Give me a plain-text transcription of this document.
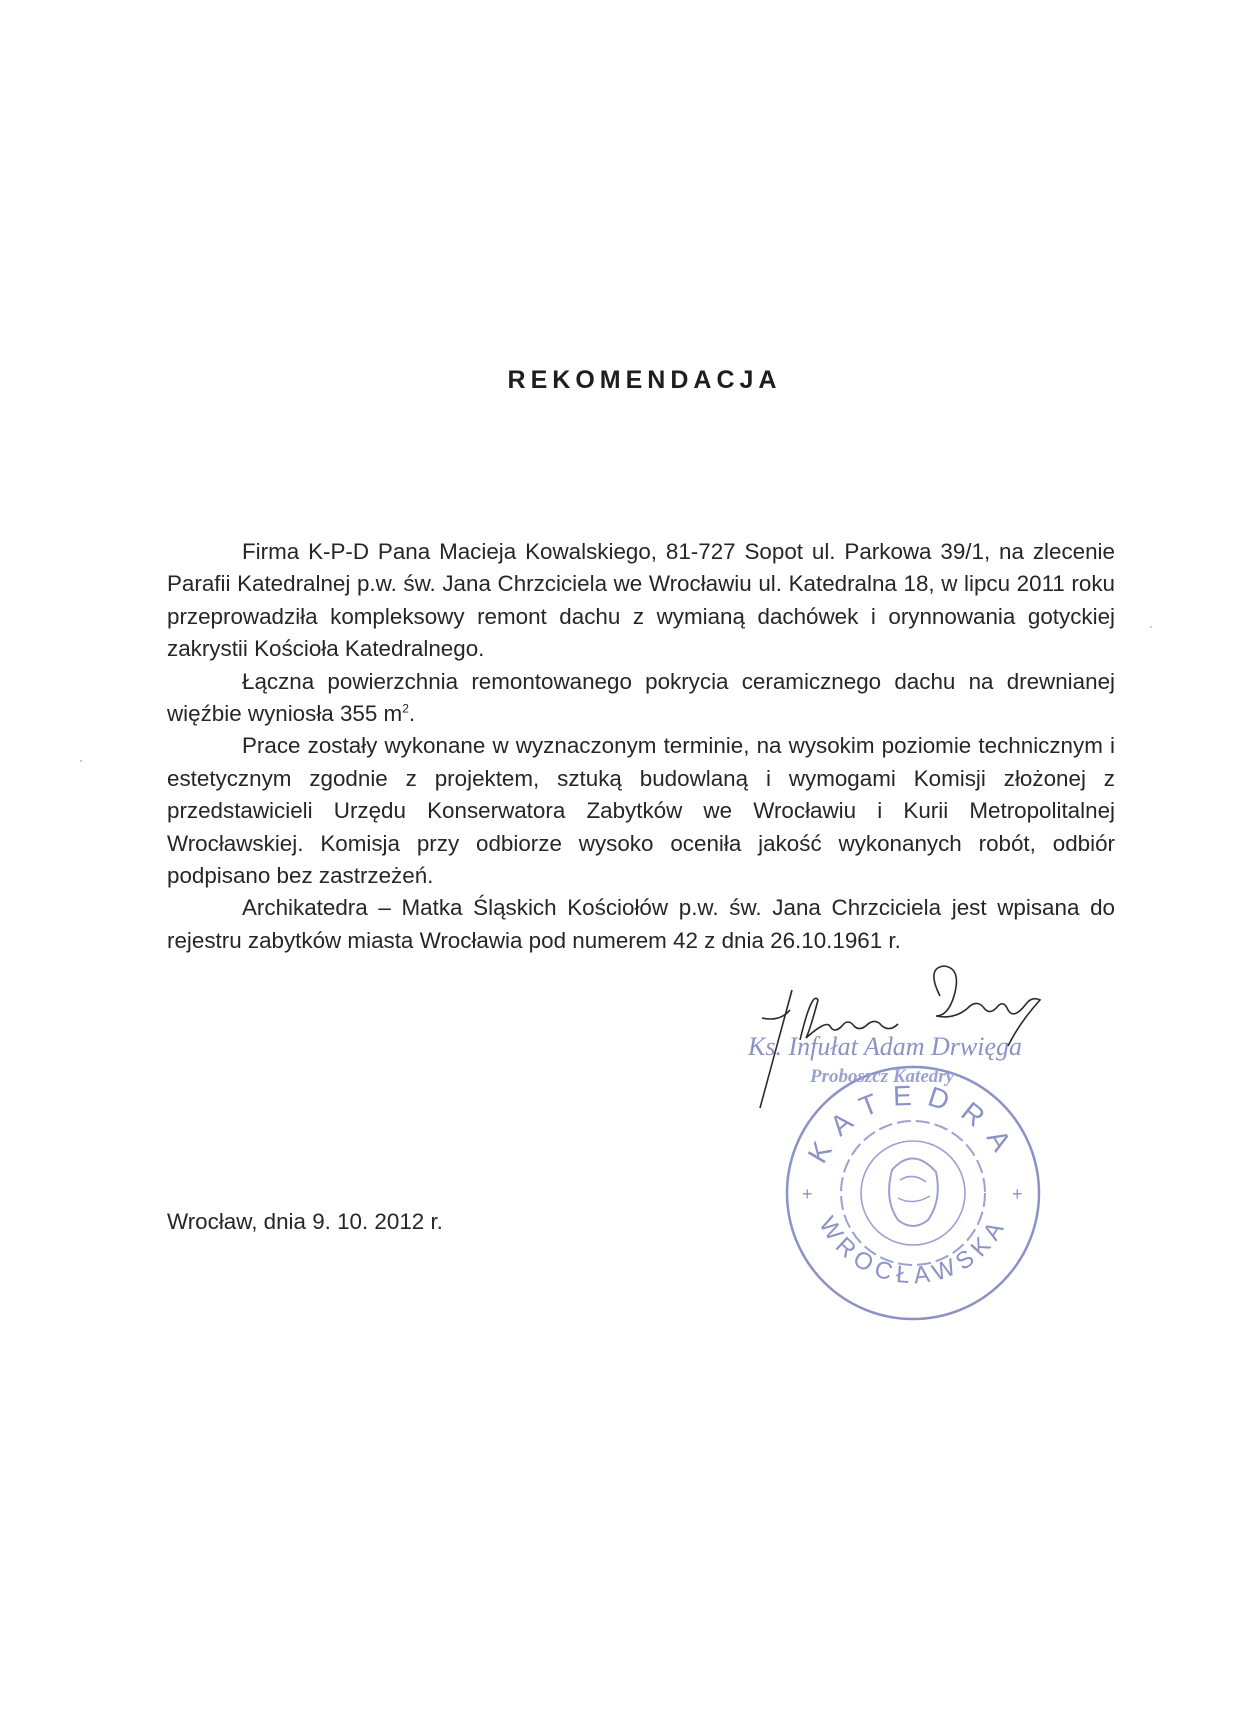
REKOMENDACJA

Firma K-P-D Pana Macieja Kowalskiego, 81-727 Sopot ul. Parkowa 39/1, na zlecenie Parafii Katedralnej p.w. św. Jana Chrzciciela we Wrocławiu ul. Katedralna 18, w lipcu 2011 roku przeprowadziła kompleksowy remont dachu z wymianą dachówek i orynnowania gotyckiej zakrystii Kościoła Katedralnego.

Łączna powierzchnia remontowanego pokrycia ceramicznego dachu na drewnianej więźbie wyniosła 355 $m^2$.

Prace zostały wykonane w wyznaczonym terminie, na wysokim poziomie technicznym i estetycznym zgodnie z projektem, sztuką budowlaną i wymogami Komisji złożonej z przedstawicieli Urzędu Konserwatora Zabytków we Wrocławiu i Kurii Metropolitalnej Wrocławskiej. Komisja przy odbiorze wysoko oceniła jakość wykonanych robót, odbiór podpisano bez zastrzeżeń.

Archikatedra – Matka Śląskich Kościołów p.w. św. Jana Chrzciciela jest wpisana do rejestru zabytków miasta Wrocławia pod numerem 42 z dnia 26.10.1961 r.

Wrocław, dnia 9. 10. 2012 r.
KATEDRA
WROCŁAWSKA
+	+
Ks. Infułat Adam Drwięga
Proboszcz Katedry
